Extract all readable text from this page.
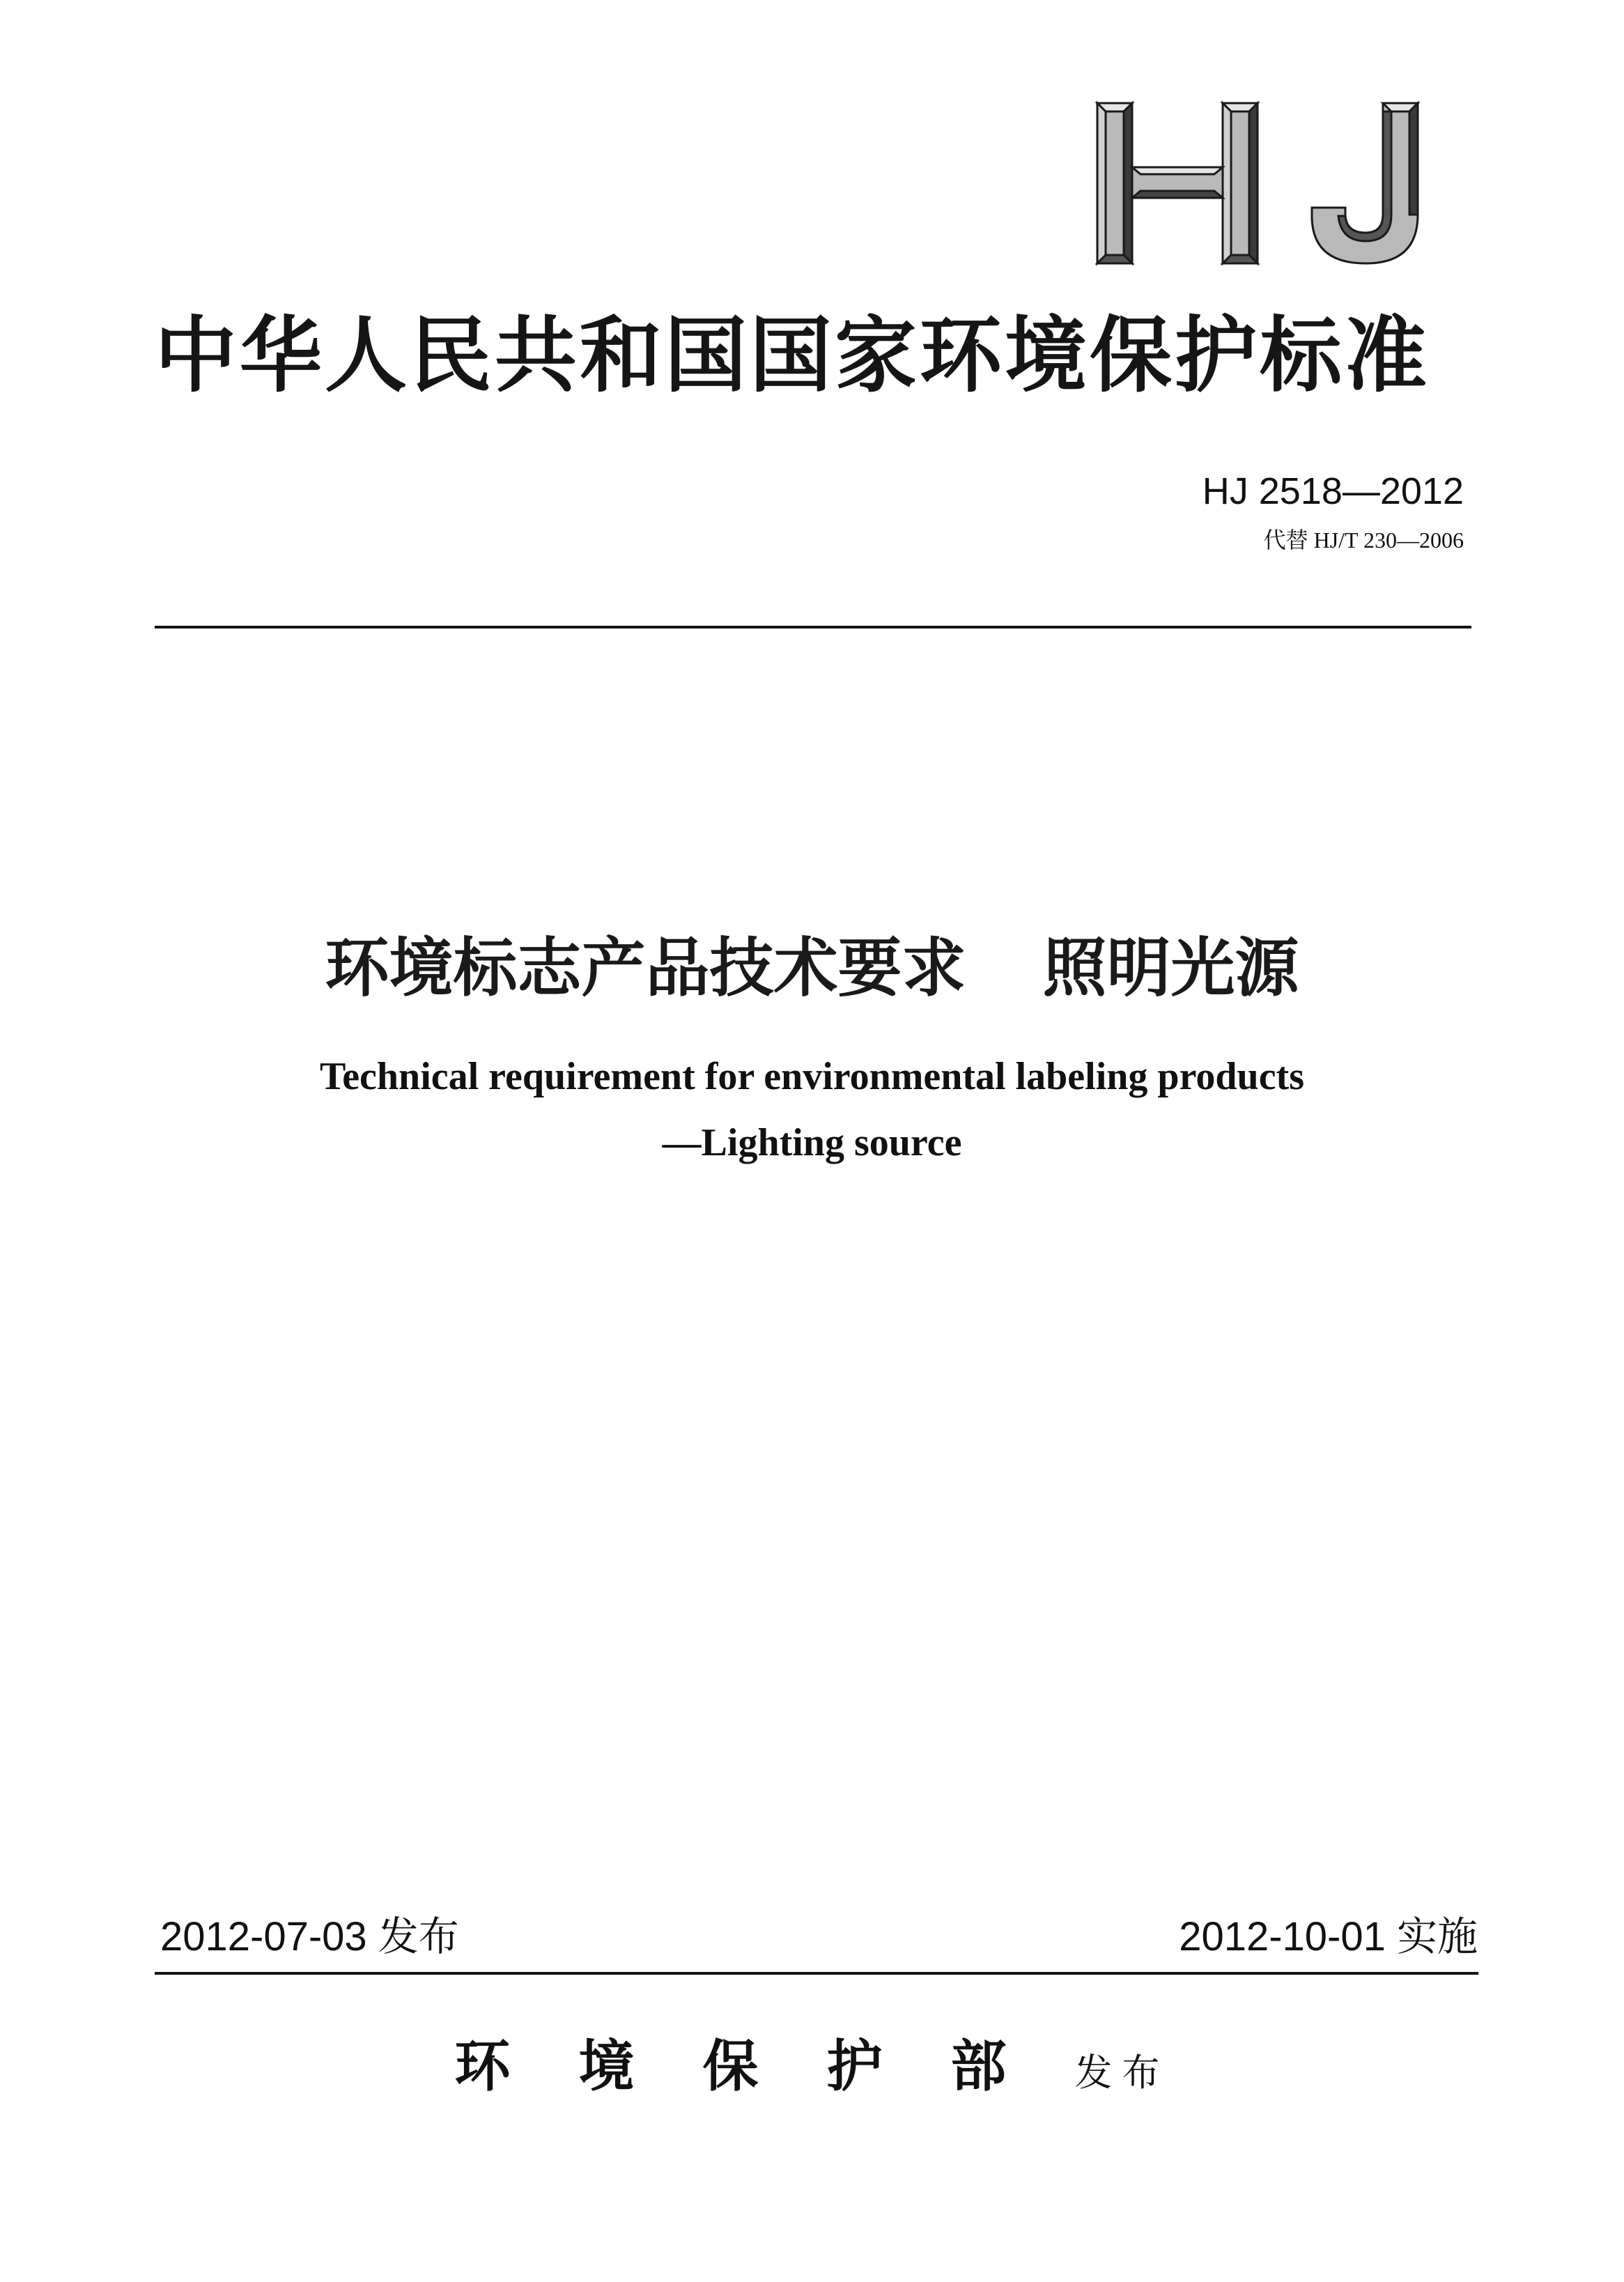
中华人民共和国国家环境保护标准
HJ 2518—2012
代替 HJ/T 230—2006
环境标志产品技术要求 照明光源
Technical requirement for environmental labeling products
—Lighting source
2012-07-03 发布	2012-10-01 实施
环境保护部发布
